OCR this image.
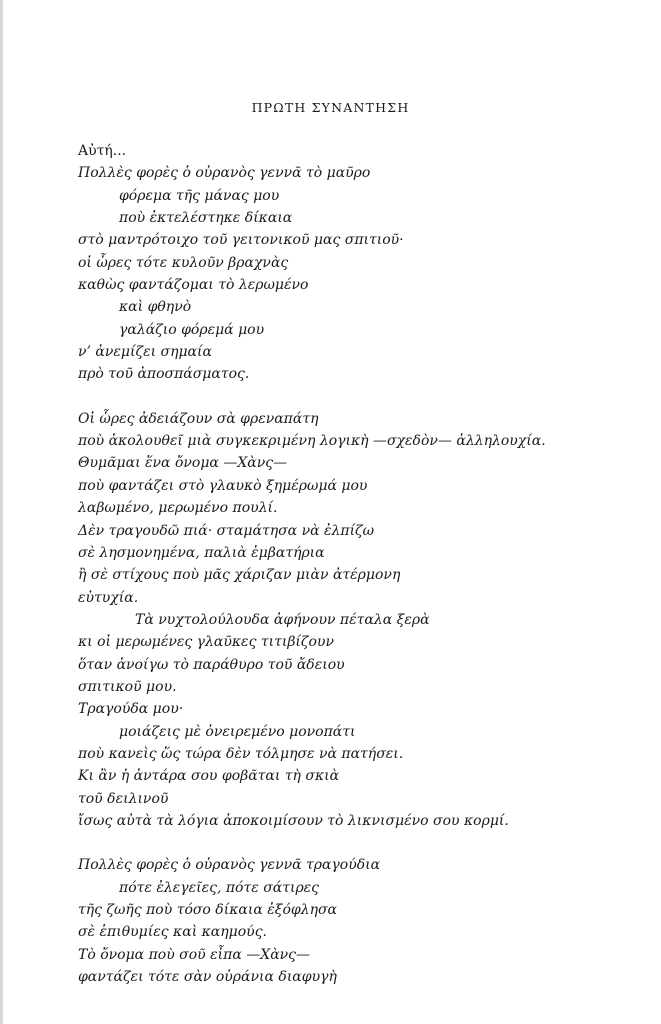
ΠΡΩΤΗ ΣΥΝΑΝΤΗΣΗ
Αὐτή...
Πολλὲς φορὲς ὁ οὐρανὸς γεννᾶ τὸ μαῦρο
φόρεμα τῆς μάνας μου
ποὺ ἐκτελέστηκε δίκαια
στὸ μαντρότοιχο τοῦ γειτονικοῦ μας σπιτιοῦ·
οἱ ὧρες τότε κυλοῦν βραχνὰς
καθὼς φαντάζομαι τὸ λερωμένο
καὶ φθηνὸ
γαλάζιο φόρεμά μου
ν’ ἀνεμίζει σημαία
πρὸ τοῦ ἀποσπάσματος.
Οἱ ὧρες ἀδειάζουν σὰ φρεναπάτη
ποὺ ἀκολουθεῖ μιὰ συγκεκριμένη λογικὴ —σχεδὸν— ἀλληλουχία.
Θυμᾶμαι ἕνα ὄνομα —Χὰνς—
ποὺ φαντάζει στὸ γλαυκὸ ξημέρωμά μου
λαβωμένο, μερωμένο πουλί.
Δὲν τραγουδῶ πιά· σταμάτησα νὰ ἐλπίζω
σὲ λησμονημένα, παλιὰ ἐμβατήρια
ἢ σὲ στίχους ποὺ μᾶς χάριζαν μιὰν ἀτέρμονη
εὐτυχία.
Τὰ νυχτολούλουδα ἀφήνουν πέταλα ξερὰ
κι οἱ μερωμένες γλαῦκες τιτιβίζουν
ὅταν ἀνοίγω τὸ παράθυρο τοῦ ἄδειου
σπιτικοῦ μου.
Τραγούδα μου·
μοιάζεις μὲ ὀνειρεμένο μονοπάτι
ποὺ κανεὶς ὥς τώρα δὲν τόλμησε νὰ πατήσει.
Κι ἂν ἡ ἀντάρα σου φοβᾶται τὴ σκιὰ
τοῦ δειλινοῦ
ἴσως αὐτὰ τὰ λόγια ἀποκοιμίσουν τὸ λικνισμένο σου κορμί.
Πολλὲς φορὲς ὁ οὐρανὸς γεννᾶ τραγούδια
πότε ἐλεγεῖες, πότε σάτιρες
τῆς ζωῆς ποὺ τόσο δίκαια ἐξόφλησα
σὲ ἐπιθυμίες καὶ καημούς.
Τὸ ὄνομα ποὺ σοῦ εἶπα —Χὰνς—
φαντάζει τότε σὰν οὐράνια διαφυγὴ
